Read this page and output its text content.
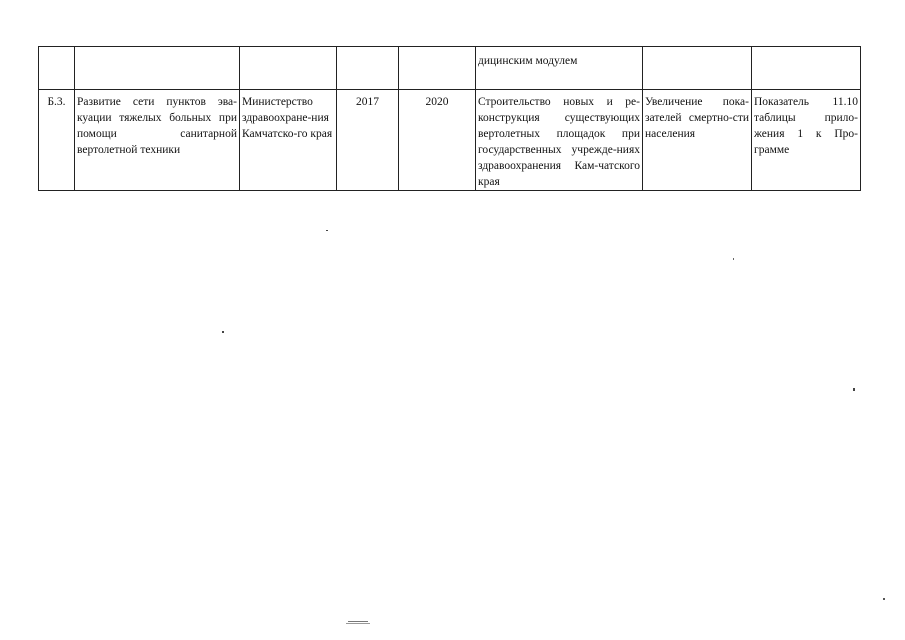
					дицинским модулем		
Б.3.	Развитие сети пунктов эва-куации тяжелых больных при помощи санитарной вертолетной техники	Министерство здравоохране-ния Камчатско-го края	2017	2020	Строительство новых и ре-конструкция существующих вертолетных площадок при государственных учрежде-ниях здравоохранения Кам-чатского края	Увеличение пока-зателей смертно-сти населения	Показатель 11.10 таблицы прило-жения 1 к Про-грамме
